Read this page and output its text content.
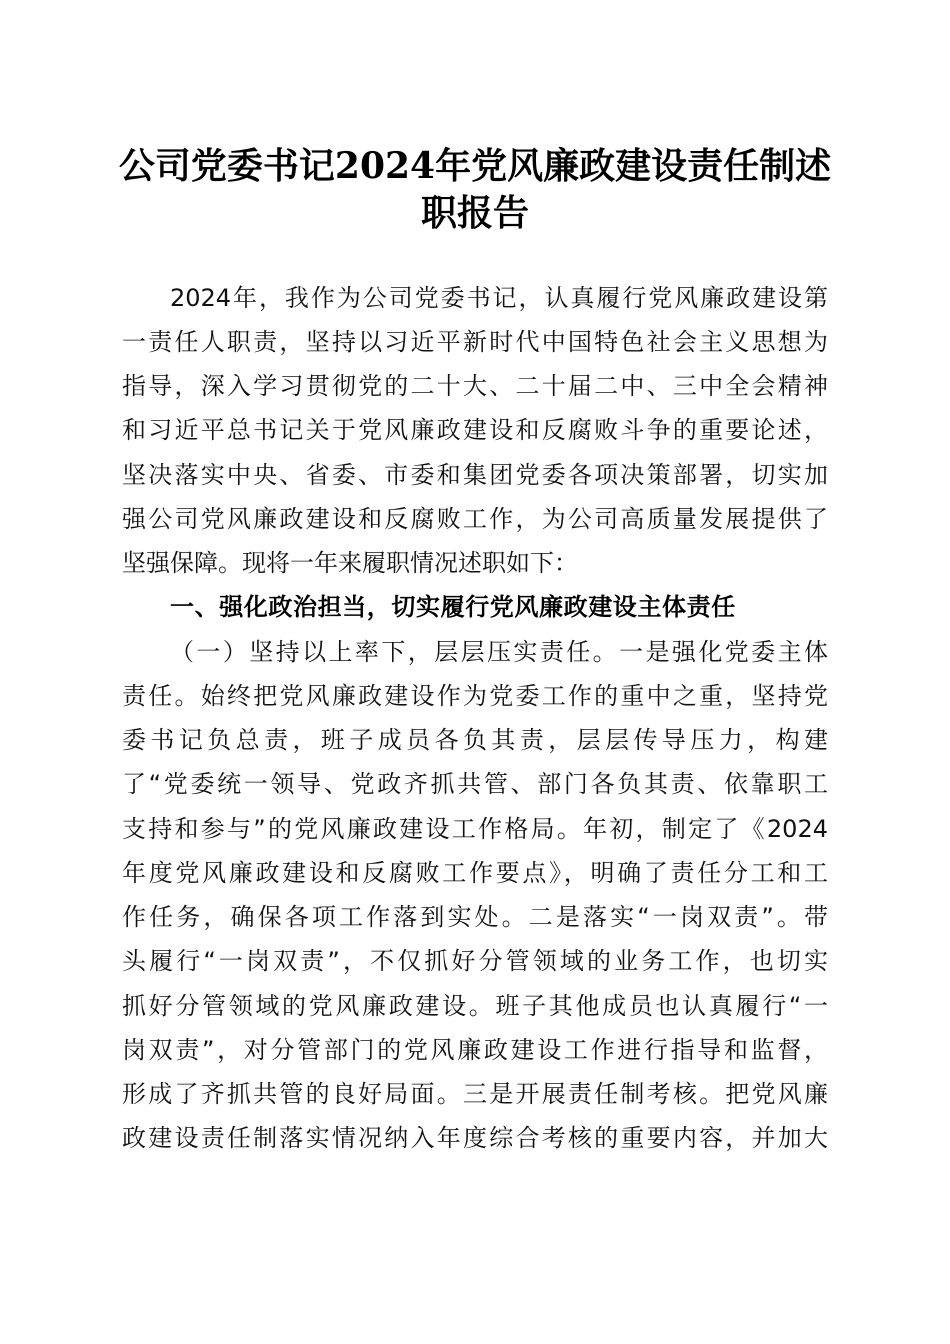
公司党委书记2024年党风廉政建设责任制述
职报告
2024年，我作为公司党委书记，认真履行党风廉政建设第
一责任人职责，坚持以习近平新时代中国特色社会主义思想为
指导，深入学习贯彻党的二十大、二十届二中、三中全会精神
和习近平总书记关于党风廉政建设和反腐败斗争的重要论述，
坚决落实中央、省委、市委和集团党委各项决策部署，切实加
强公司党风廉政建设和反腐败工作，为公司高质量发展提供了
坚强保障。现将一年来履职情况述职如下：
一、强化政治担当，切实履行党风廉政建设主体责任
（一）坚持以上率下，层层压实责任。一是强化党委主体
责任。始终把党风廉政建设作为党委工作的重中之重，坚持党
委书记负总责，班子成员各负其责，层层传导压力，构建
了“党委统一领导、党政齐抓共管、部门各负其责、依靠职工
支持和参与”的党风廉政建设工作格局。年初，制定了《2024
年度党风廉政建设和反腐败工作要点》，明确了责任分工和工
作任务，确保各项工作落到实处。二是落实“一岗双责”。带
头履行“一岗双责”，不仅抓好分管领域的业务工作，也切实
抓好分管领域的党风廉政建设。班子其他成员也认真履行“一
岗双责”，对分管部门的党风廉政建设工作进行指导和监督，
形成了齐抓共管的良好局面。三是开展责任制考核。把党风廉
政建设责任制落实情况纳入年度综合考核的重要内容，并加大
